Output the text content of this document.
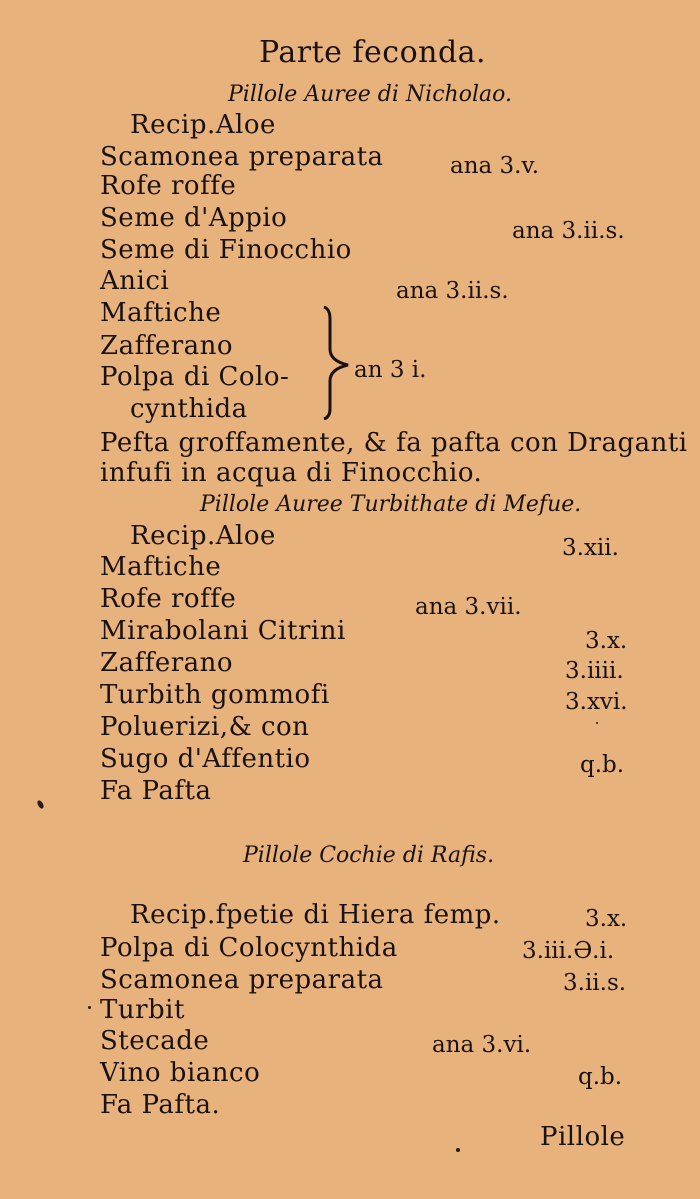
Parte feconda.
Pillole Auree di Nicholao.
Recip.Aloe
Scamonea preparata
Rofe roffe
Seme d'Appio
Seme di Finocchio
Anici
Maftiche
Zafferano
Polpa di Colo-
cynthida
ana 3.v.
ana 3.ii.s.
ana 3.ii.s.
an 3 i.
Pefta groffamente, & fa pafta con Draganti
infufi in acqua di Finocchio.
Pillole Auree Turbithate di Mefue.
Recip.Aloe
Maftiche
Rofe roffe
Mirabolani Citrini
Zafferano
Turbith gommofi
Poluerizi,& con
Sugo d'Affentio
Fa Pafta
3.xii.
ana 3.vii.
3.x.
3.iiii.
3.xvi.
q.b.
Pillole Cochie di Rafis.
Recip.fpetie di Hiera femp.
Polpa di Colocynthida
Scamonea preparata
Turbit
Stecade
Vino bianco
Fa Pafta.
3.x.
3.iii.Ə.i.
3.ii.s.
ana 3.vi.
q.b.
Pillole
